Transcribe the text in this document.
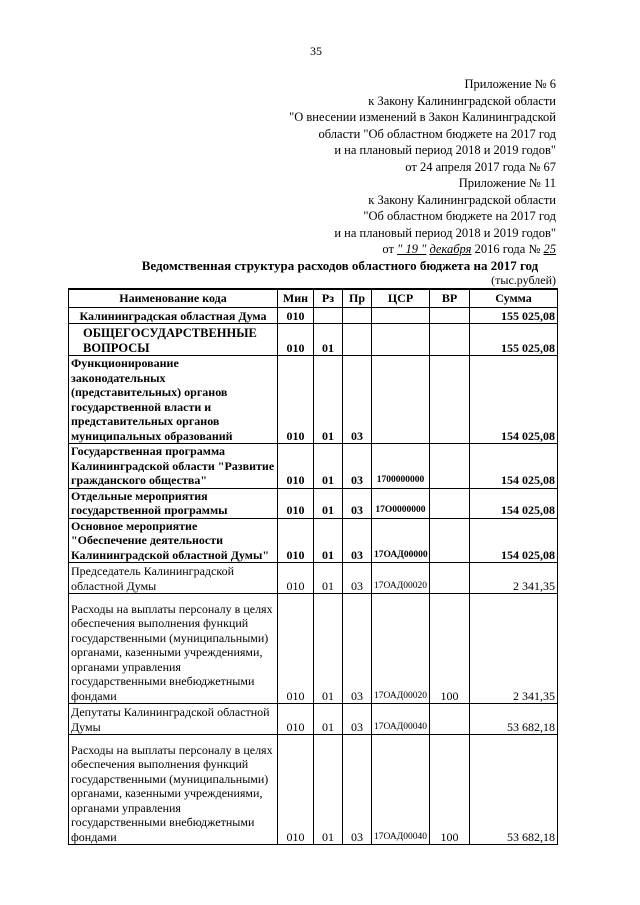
35
Приложение № 6
к Закону Калининградской области
"О внесении изменений в Закон Калининградской
области "Об областном бюджете на 2017 год
и на плановый период 2018 и 2019 годов"
от 24 апреля 2017 года № 67
Приложение № 11
к Закону Калининградской области
"Об областном бюджете на 2017 год
и на плановый период 2018 и 2019 годов"
от " 19 " декабря 2016 года № 25
Ведомственная структура расходов областного бюджета на 2017 год
(тыс.рублей)
Наименование кода	Мин	Рз	Пр	ЦСР	ВР	Сумма
Калининградская областная Дума	010					155 025,08
ОБЩЕГОСУДАРСТВЕННЫЕ ВОПРОСЫ	010	01				155 025,08
Функционирование законодательных (представительных) органов государственной власти и представительных органов муниципальных образований	010	01	03			154 025,08
Государственная программа Калининградской области "Развитие гражданского общества"	010	01	03	1700000000		154 025,08
Отдельные мероприятия государственной программы	010	01	03	17О0000000		154 025,08
Основное мероприятие "Обеспечение деятельности Калининградской областной Думы"	010	01	03	17ОАД00000		154 025,08
Председатель Калининградской областной Думы	010	01	03	17ОАД00020		2 341,35
Расходы на выплаты персоналу в целях обеспечения выполнения функций государственными (муниципальными) органами, казенными учреждениями, органами управления государственными внебюджетными фондами	010	01	03	17ОАД00020	100	2 341,35
Депутаты Калининградской областной Думы	010	01	03	17ОАД00040		53 682,18
Расходы на выплаты персоналу в целях обеспечения выполнения функций государственными (муниципальными) органами, казенными учреждениями, органами управления государственными внебюджетными фондами	010	01	03	17ОАД00040	100	53 682,18
